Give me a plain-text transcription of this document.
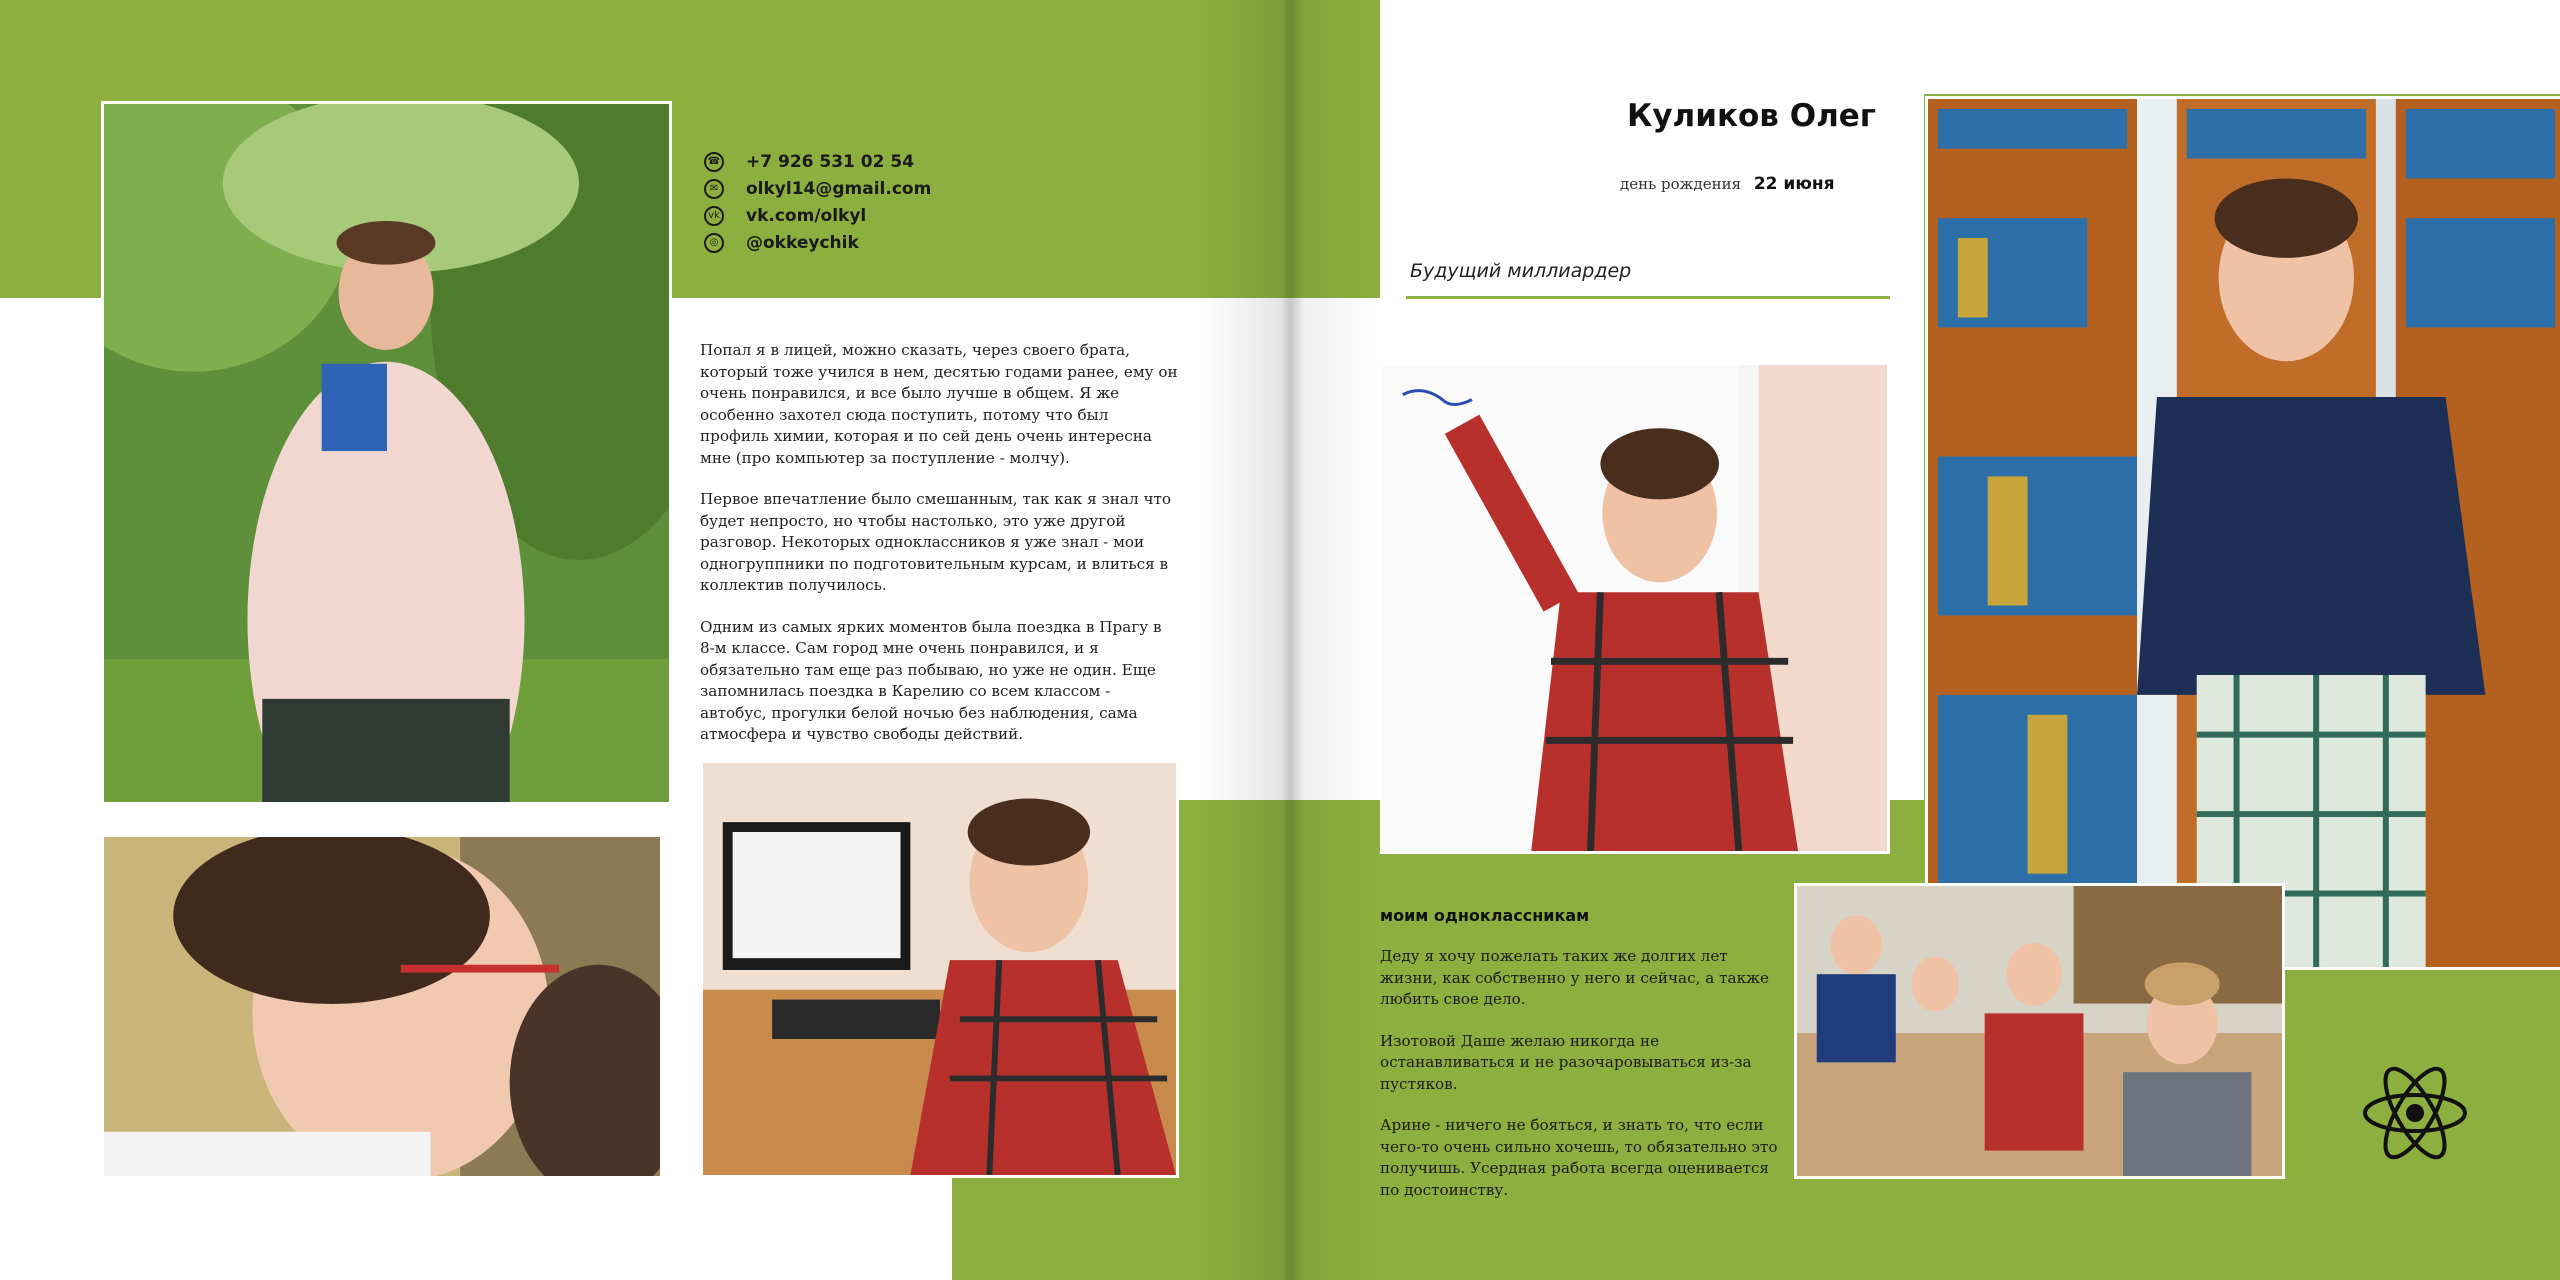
☎ +7 926 531 02 54
✉	olkyl14@gmail.com
vk vk.com/olkyl
◎	@okkeychik

Попал я в лицей, можно сказать, через своего брата, который тоже учился в нем, десятью годами ранее, ему он очень понравился, и все было лучше в общем. Я же особенно захотел сюда поступить, потому что был профиль химии, которая и по сей день очень интересна мне (про компьютер за поступление - молчу).

Первое впечатление было смешанным, так как я знал что будет непросто, но чтобы настолько, это уже другой разговор. Некоторых одноклассников я уже знал - мои одногруппники по подготовительным курсам, и влиться в коллектив получилось.

Одним из самых ярких моментов была поездка в Прагу в 8-м классе. Сам город мне очень понравился, и я обязательно там еще раз побываю, но уже не один. Еще запомнилась поездка в Карелию со всем классом - автобус, прогулки белой ночью без наблюдения, сама атмосфера и чувство свободы действий.

Куликов Олег
день рождения 22 июня
Будущий миллиардер
моим одноклассникам

Деду я хочу пожелать таких же долгих лет жизни, как собственно у него и сейчас, а также любить свое дело.

Изотовой Даше желаю никогда не останавливаться и не разочаровываться из-за пустяков.

Арине - ничего не бояться, и знать то, что если чего-то очень сильно хочешь, то обязательно это получишь. Усердная работа всегда оценивается по достоинству.
